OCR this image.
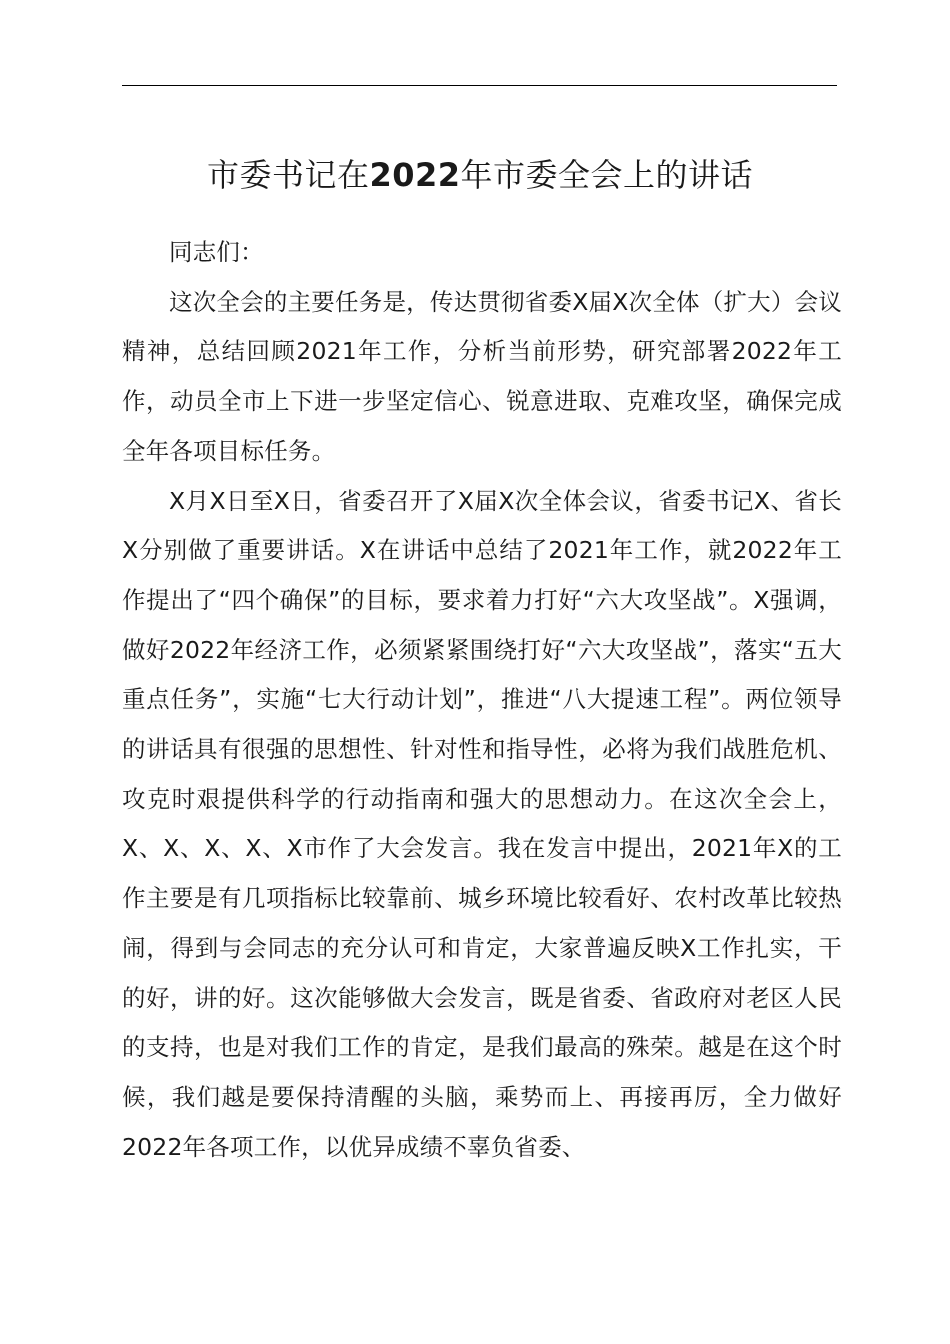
市委书记在2022年市委全会上的讲话

同志们：

这次全会的主要任务是，传达贯彻省委X届X次全体（扩大）会议精神，总结回顾2021年工作，分析当前形势，研究部署2022年工作，动员全市上下进一步坚定信心、锐意进取、克难攻坚，确保完成全年各项目标任务。

X月X日至X日，省委召开了X届X次全体会议，省委书记X、省长X分别做了重要讲话。X在讲话中总结了2021年工作，就2022年工作提出了“四个确保”的目标，要求着力打好“六大攻坚战”。X强调，做好2022年经济工作，必须紧紧围绕打好“六大攻坚战”，落实“五大重点任务”，实施“七大行动计划”，推进“八大提速工程”。两位领导的讲话具有很强的思想性、针对性和指导性，必将为我们战胜危机、攻克时艰提供科学的行动指南和强大的思想动力。在这次全会上，X、X、X、X、X市作了大会发言。我在发言中提出，2021年X的工作主要是有几项指标比较靠前、城乡环境比较看好、农村改革比较热闹，得到与会同志的充分认可和肯定，大家普遍反映X工作扎实，干的好，讲的好。这次能够做大会发言，既是省委、省政府对老区人民的支持，也是对我们工作的肯定，是我们最高的殊荣。越是在这个时候，我们越是要保持清醒的头脑，乘势而上、再接再厉，全力做好2022年各项工作，以优异成绩不辜负省委、
